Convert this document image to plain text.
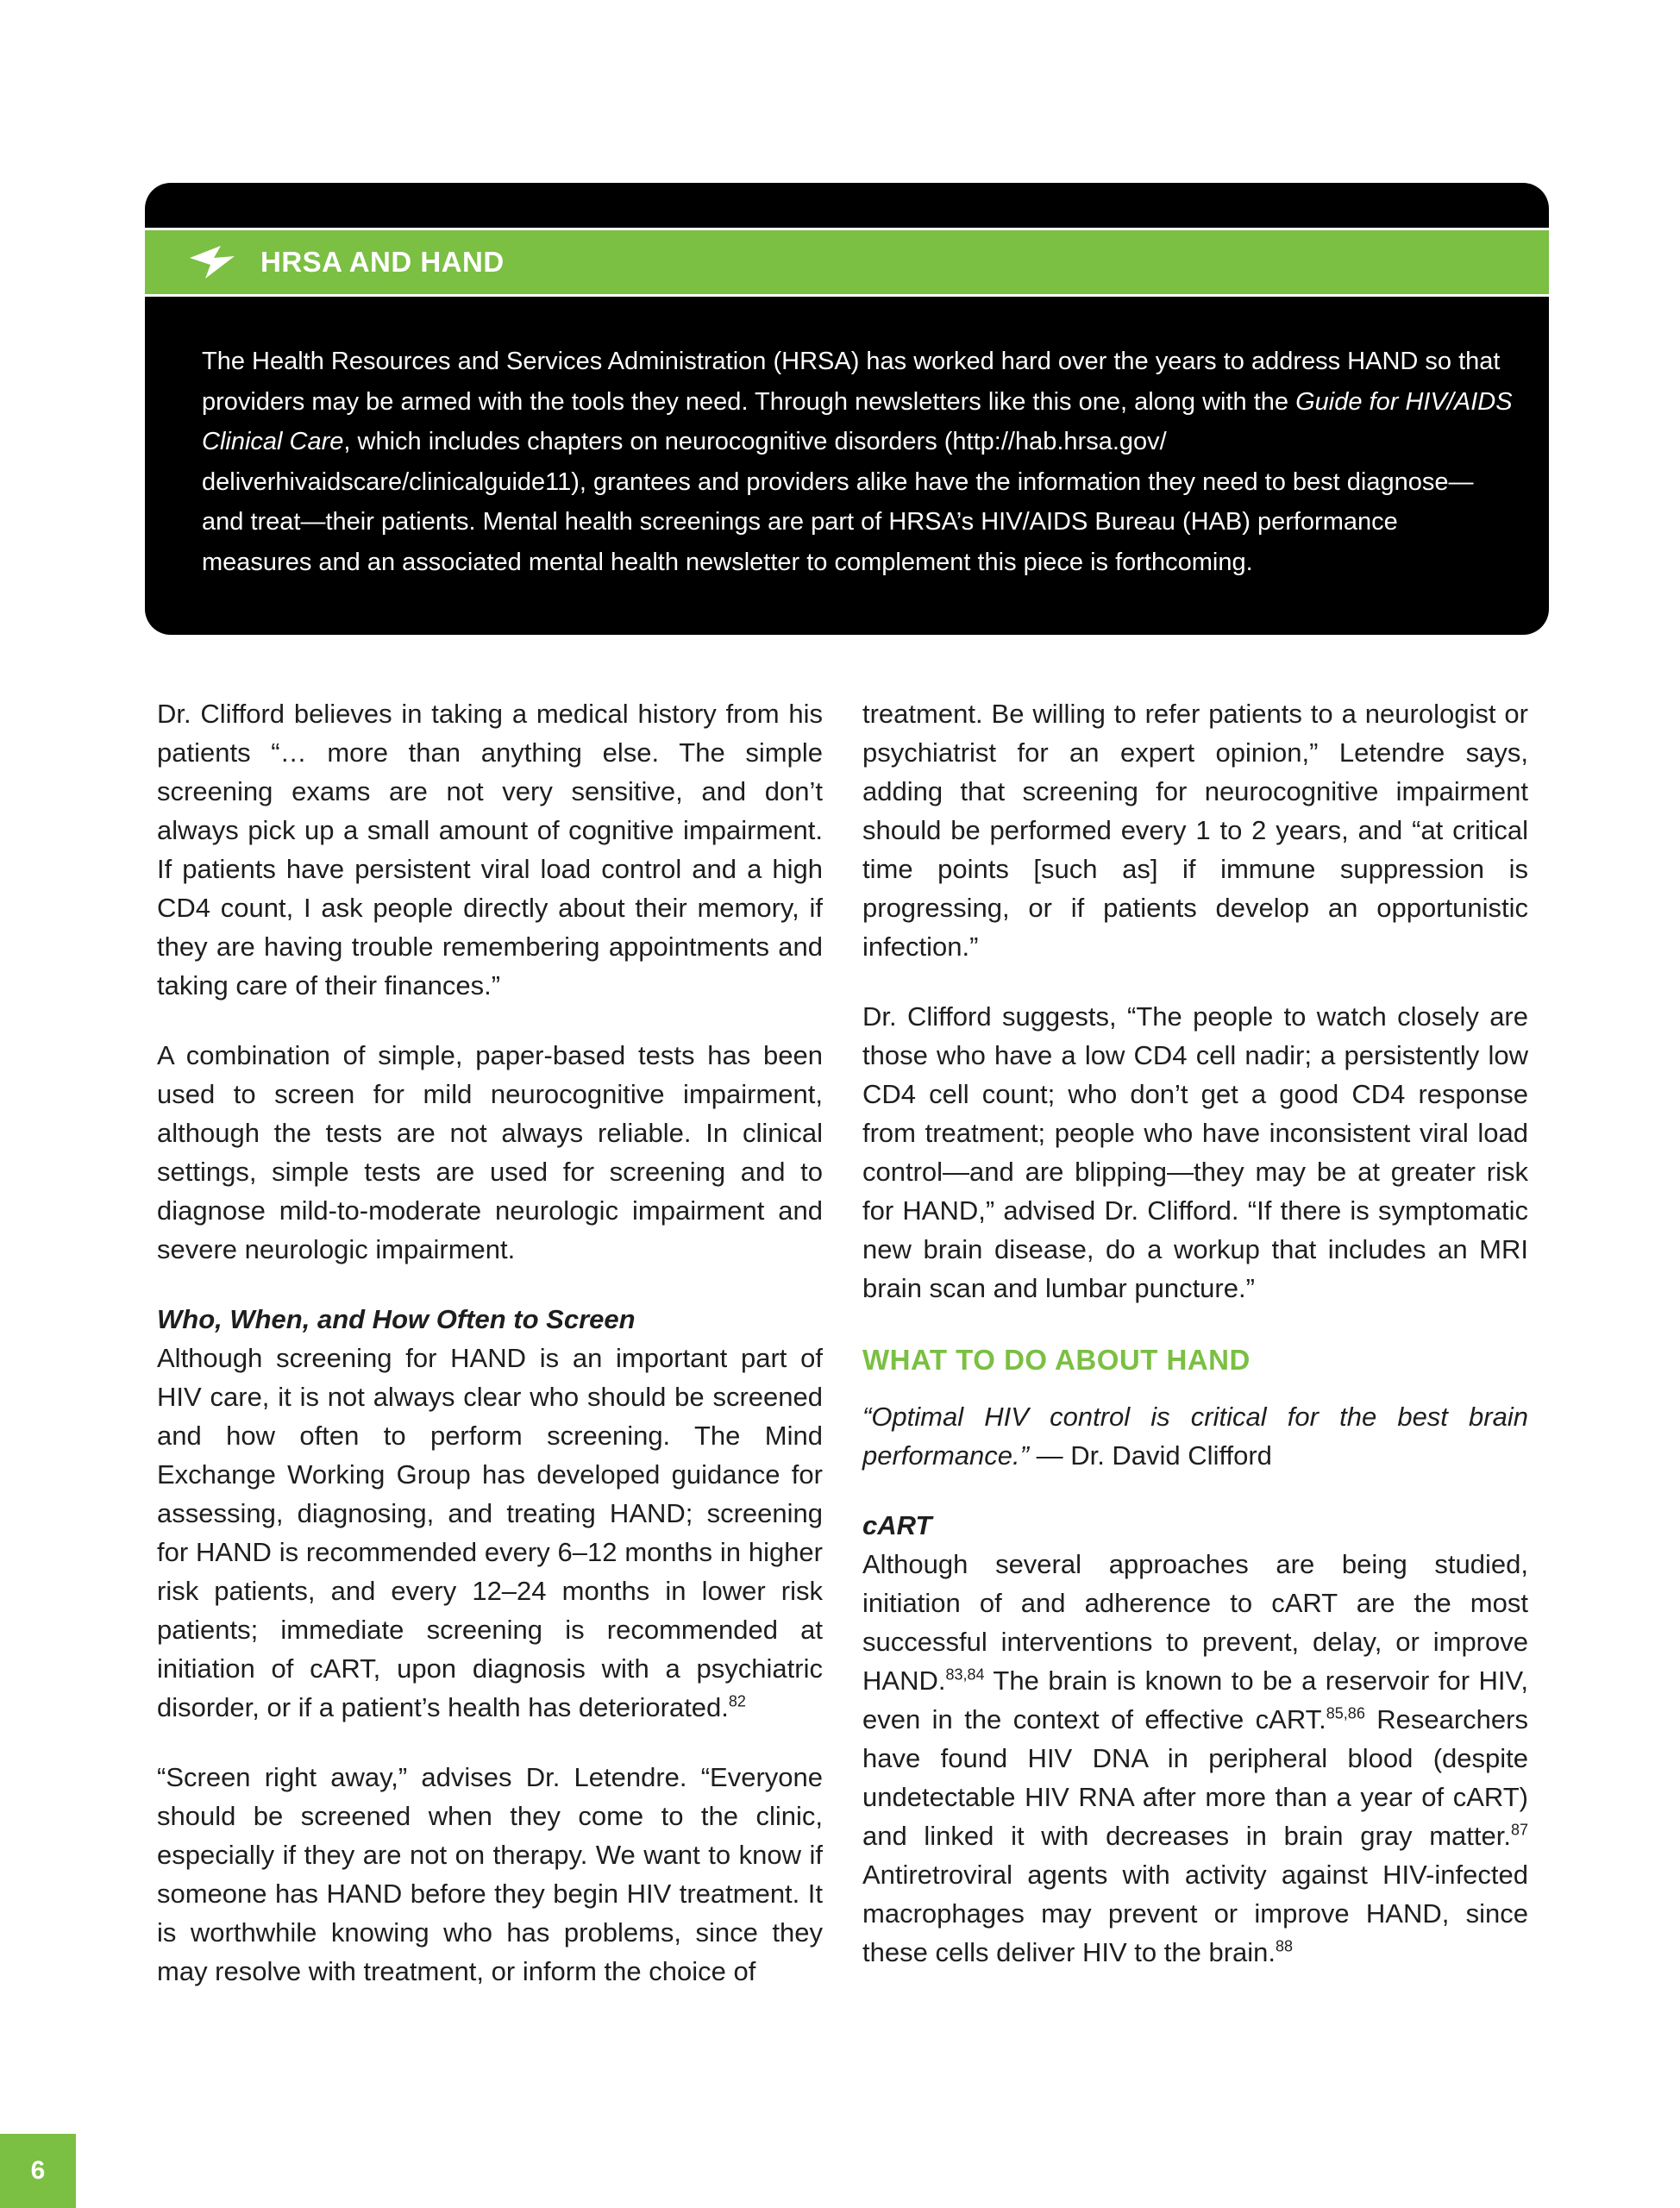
HRSA AND HAND
The Health Resources and Services Administration (HRSA) has worked hard over the years to address HAND so that providers may be armed with the tools they need. Through newsletters like this one, along with the Guide for HIV/AIDS Clinical Care, which includes chapters on neurocognitive disorders (http://hab.hrsa.gov/ deliverhivaidscare/clinicalguide11), grantees and providers alike have the information they need to best diagnose—and treat—their patients. Mental health screenings are part of HRSA’s HIV/AIDS Bureau (HAB) performance measures and an associated mental health newsletter to complement this piece is forthcoming.

Dr. Clifford believes in taking a medical history from his patients “… more than anything else. The simple screening exams are not very sensitive, and don’t always pick up a small amount of cognitive impairment. If patients have persistent viral load control and a high CD4 count, I ask people directly about their memory, if they are having trouble remembering appointments and taking care of their finances.”

A combination of simple, paper-based tests has been used to screen for mild neurocognitive impairment, although the tests are not always reliable. In clinical settings, simple tests are used for screening and to diagnose mild-to-moderate neurologic impairment and severe neurologic impairment.

Who, When, and How Often to Screen

Although screening for HAND is an important part of HIV care, it is not always clear who should be screened and how often to perform screening. The Mind Exchange Working Group has developed guidance for assessing, diagnosing, and treating HAND; screening for HAND is recommended every 6–12 months in higher risk patients, and every 12–24 months in lower risk patients; immediate screening is recommended at initiation of cART, upon diagnosis with a psychiatric disorder, or if a patient’s health has deteriorated.$^{82}$

“Screen right away,” advises Dr. Letendre. “Everyone should be screened when they come to the clinic, especially if they are not on therapy. We want to know if someone has HAND before they begin HIV treatment. It is worthwhile knowing who has problems, since they may resolve with treatment, or inform the choice of

treatment. Be willing to refer patients to a neurologist or psychiatrist for an expert opinion,” Letendre says, adding that screening for neurocognitive impairment should be performed every 1 to 2 years, and “at critical time points [such as] if immune suppression is progressing, or if patients develop an opportunistic infection.”

Dr. Clifford suggests, “The people to watch closely are those who have a low CD4 cell nadir; a persistently low CD4 cell count; who don’t get a good CD4 response from treatment; people who have inconsistent viral load control—and are blipping—they may be at greater risk for HAND,” advised Dr. Clifford. “If there is symptomatic new brain disease, do a workup that includes an MRI brain scan and lumbar puncture.”

WHAT TO DO ABOUT HAND

“Optimal HIV control is critical for the best brain performance.” — Dr. David Clifford

cART

Although several approaches are being studied, initiation of and adherence to cART are the most successful interventions to prevent, delay, or improve HAND.$^{83,84}$ The brain is known to be a reservoir for HIV, even in the context of effective cART.$^{85,86}$ Researchers have found HIV DNA in peripheral blood (despite undetectable HIV RNA after more than a year of cART) and linked it with decreases in brain gray matter.$^{87}$ Antiretroviral agents with activity against HIV-infected macrophages may prevent or improve HAND, since these cells deliver HIV to the brain.$^{88}$

6
